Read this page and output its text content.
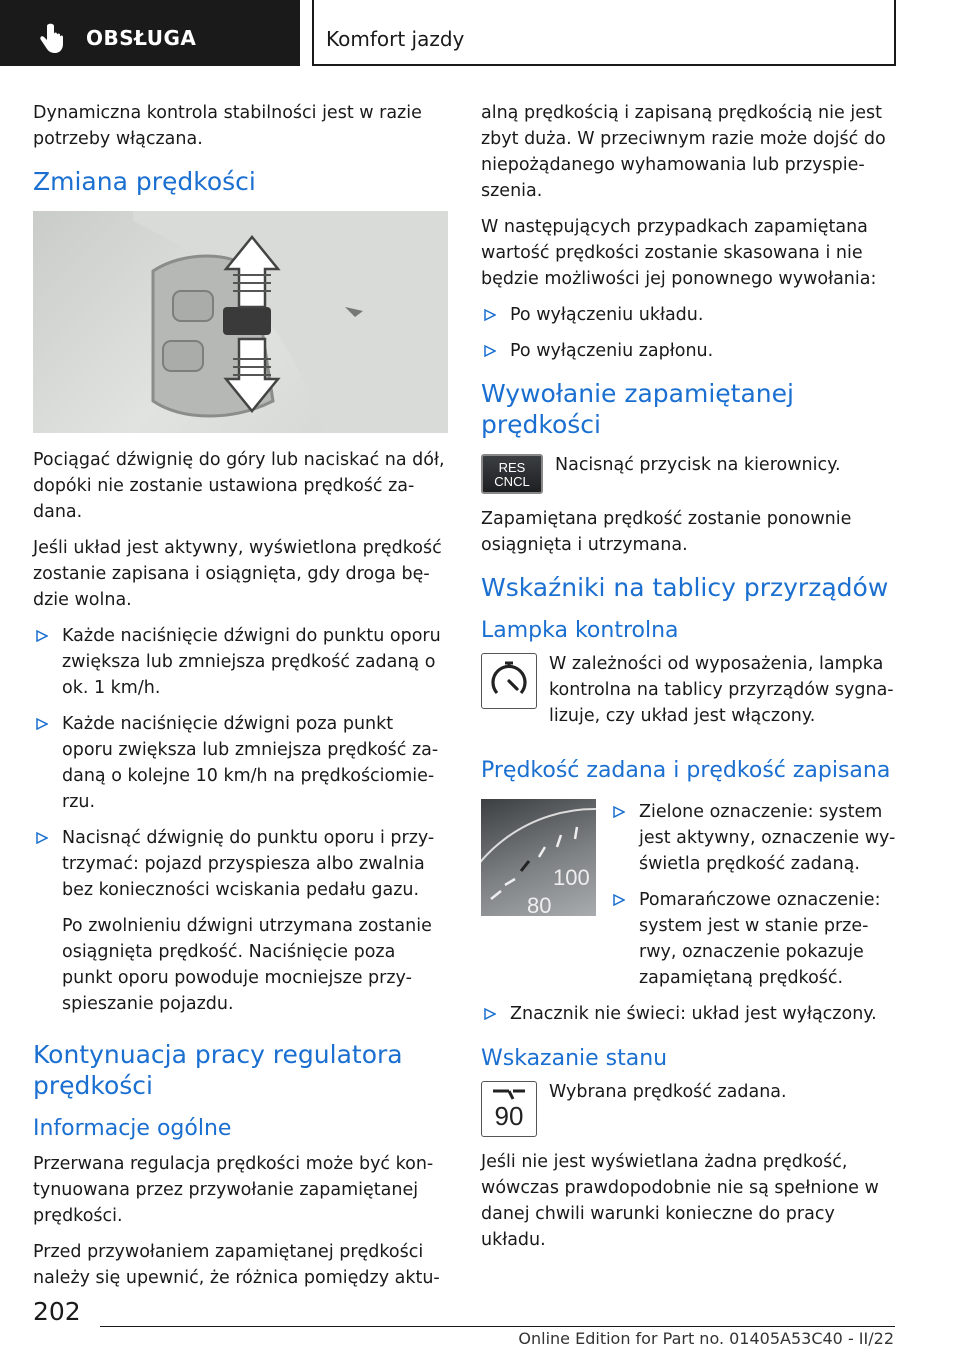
OBSŁUGA	Komfort jazdy

Dynamiczna kontrola stabilności jest w razie potrzeby włączana.

Zmiana prędkości

Pociągać dźwignię do góry lub naciskać na dół, dopóki nie zostanie ustawiona prędkość za-dana.

Jeśli układ jest aktywny, wyświetlona prędkość zostanie zapisana i osiągnięta, gdy droga bę-dzie wolna.

Każde naciśnięcie dźwigni do punktu oporu zwiększa lub zmniejsza prędkość zadaną o ok. 1 km/h.
Każde naciśnięcie dźwigni poza punkt oporu zwiększa lub zmniejsza prędkość za-daną o kolejne 10 km/h na prędkościomie-rzu.
Nacisnąć dźwignię do punktu oporu i przy-trzymać: pojazd przyspiesza albo zwalnia bez konieczności wciskania pedału gazu.

Po zwolnieniu dźwigni utrzymana zostanie osiągnięta prędkość. Naciśnięcie poza punkt oporu powoduje mocniejsze przy-spieszanie pojazdu.

Kontynuacja pracy regulatora prędkości
Informacje ogólne

Przerwana regulacja prędkości może być kon-tynuowana przez przywołanie zapamiętanej prędkości.

Przed przywołaniem zapamiętanej prędkości należy się upewnić, że różnica pomiędzy aktu-

alną prędkością i zapisaną prędkością nie jest zbyt duża. W przeciwnym razie może dojść do niepożądanego wyhamowania lub przyspie-szenia.

W następujących przypadkach zapamiętana wartość prędkości zostanie skasowana i nie będzie możliwości jej ponownego wywołania:

Po wyłączeniu układu.
Po wyłączeniu zapłonu.
Wywołanie zapamiętanej prędkości
RES
CNCL

Nacisnąć przycisk na kierownicy.

Zapamiętana prędkość zostanie ponownie osiągnięta i utrzymana.

Wskaźniki na tablicy przyrządów
Lampka kontrolna

W zależności od wyposażenia, lampka kontrolna na tablicy przyrządów sygna-lizuje, czy układ jest włączony.

Prędkość zadana i prędkość zapisana
100
80
Zielone oznaczenie: system jest aktywny, oznaczenie wy-świetla prędkość zadaną.
Pomarańczowe oznaczenie: system jest w stanie prze-rwy, oznaczenie pokazuje zapamiętaną prędkość.
Znacznik nie świeci: układ jest wyłączony.
Wskazanie stanu
90

Wybrana prędkość zadana.

Jeśli nie jest wyświetlana żadna prędkość, wówczas prawdopodobnie nie są spełnione w danej chwili warunki konieczne do pracy układu.

202
Online Edition for Part no. 01405A53C40 - II/22
